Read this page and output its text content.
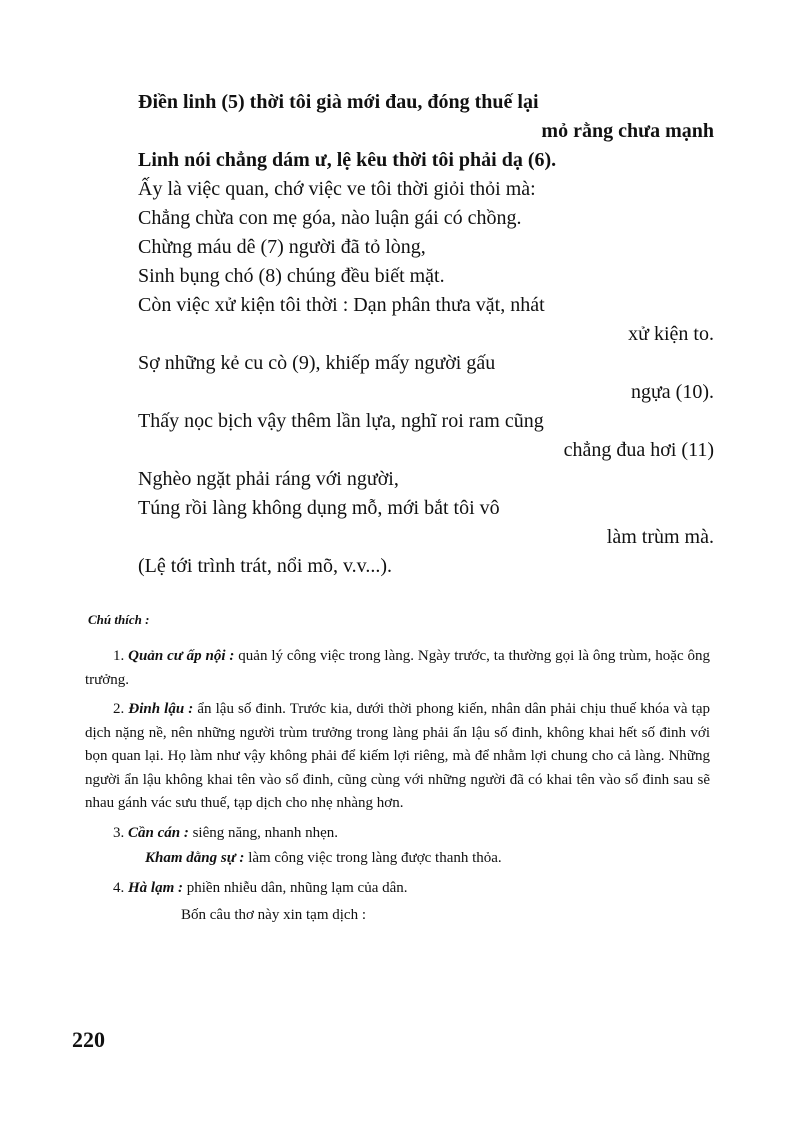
Điền linh (5) thời tôi già mới đau, đóng thuế lại
mỏ rằng chưa mạnh
Linh nói chẳng dám ư, lệ kêu thời tôi phải dạ (6).
Ấy là việc quan, chớ việc ve tôi thời giỏi thỏi mà:
Chẳng chừa con mẹ góa, nào luận gái có chồng.
Chừng máu dê (7) người đã tỏ lòng,
Sinh bụng chó (8) chúng đều biết mặt.
Còn việc xử kiện tôi thời : Dạn phân thưa vặt, nhát
xử kiện to.
Sợ những kẻ cu cò (9), khiếp mấy người gấu
ngựa (10).
Thấy nọc bịch vậy thêm lần lựa, nghĩ roi ram cũng
chẳng đua hơi (11)
Nghèo ngặt phải ráng với người,
Túng rồi làng không dụng mỗ, mới bắt tôi vô
làm trùm mà.
(Lệ tới trình trát, nổi mõ, v.v...).
Chú thích :
1. Quản cư ấp nội : quản lý công việc trong làng. Ngày trước, ta thường gọi là ông trùm, hoặc ông trưởng.
2. Đinh lậu : ẩn lậu số đinh. Trước kia, dưới thời phong kiến, nhân dân phải chịu thuế khóa và tạp dịch nặng nề, nên những người trùm trưởng trong làng phải ẩn lậu số đinh, không khai hết số đinh với bọn quan lại. Họ làm như vậy không phải để kiếm lợi riêng, mà để nhằm lợi chung cho cả làng. Những người ẩn lậu không khai tên vào sổ đinh, cũng cùng với những người đã có khai tên vào sổ đinh sau sẽ nhau gánh vác sưu thuế, tạp dịch cho nhẹ nhàng hơn.
3. Cần cán : siêng năng, nhanh nhẹn.
Kham dằng sự : làm công việc trong làng được thanh thỏa.
4. Hà lạm : phiền nhiễu dân, nhũng lạm của dân.
Bốn câu thơ này xin tạm dịch :
220
